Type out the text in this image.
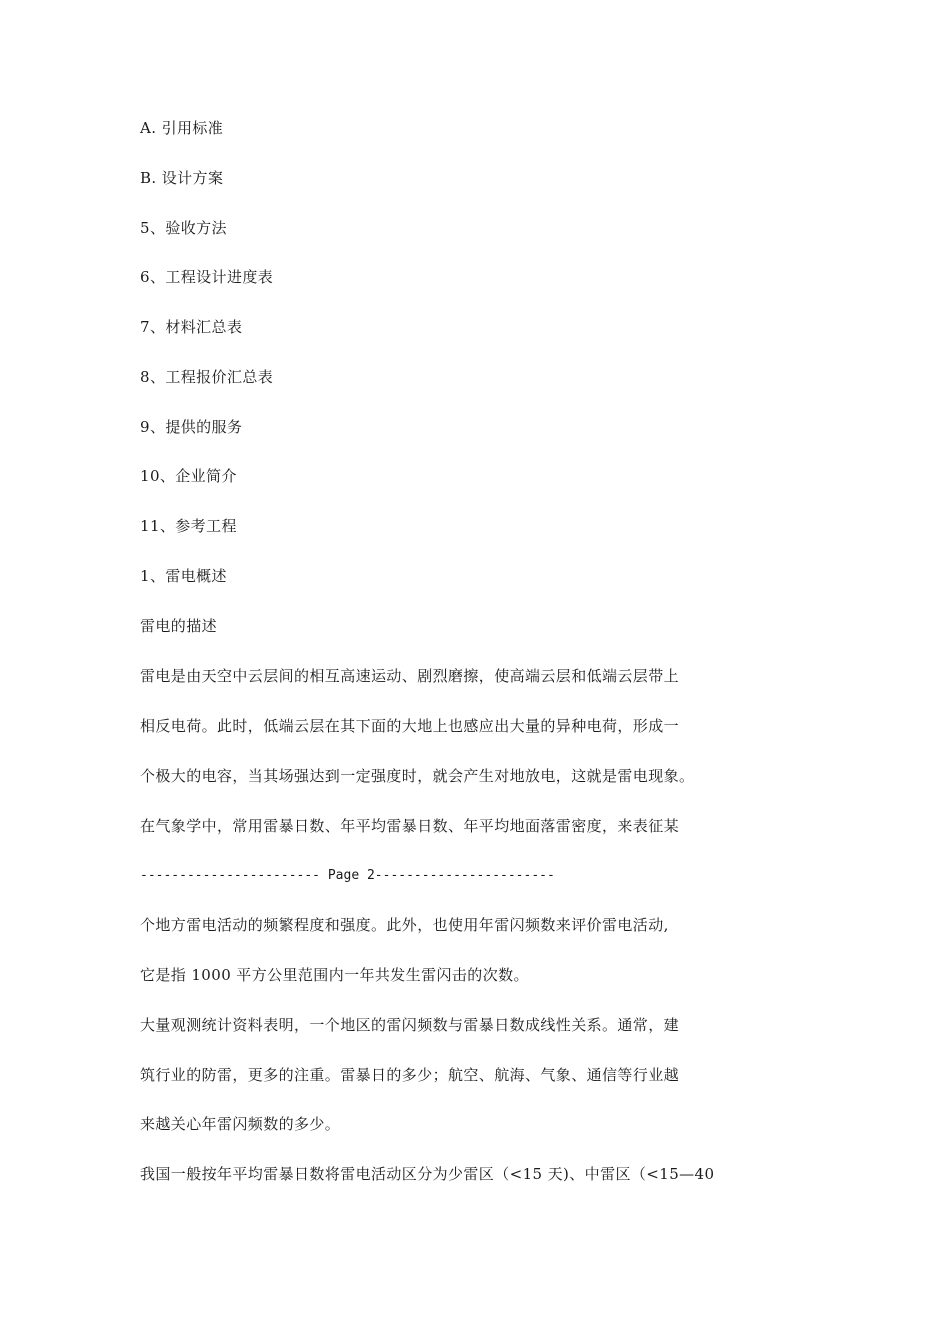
A. 引用标准
B. 设计方案
5、验收方法
6、工程设计进度表
7、材料汇总表
8、工程报价汇总表
9、提供的服务
10、企业简介
11、参考工程
1、雷电概述
雷电的描述
雷电是由天空中云层间的相互高速运动、剧烈磨擦，使高端云层和低端云层带上
相反电荷。此时，低端云层在其下面的大地上也感应出大量的异种电荷，形成一
个极大的电容，当其场强达到一定强度时，就会产生对地放电，这就是雷电现象。
在气象学中，常用雷暴日数、年平均雷暴日数、年平均地面落雷密度，来表征某
----------------------- Page 2-----------------------
个地方雷电活动的频繁程度和强度。此外，也使用年雷闪频数来评价雷电活动,
它是指 1000 平方公里范围内一年共发生雷闪击的次数。
大量观测统计资料表明，一个地区的雷闪频数与雷暴日数成线性关系。通常，建
筑行业的防雷，更多的注重。雷暴日的多少；航空、航海、气象、通信等行业越
来越关心年雷闪频数的多少。
我国一般按年平均雷暴日数将雷电活动区分为少雷区（<15 天)、中雷区（<15—40
